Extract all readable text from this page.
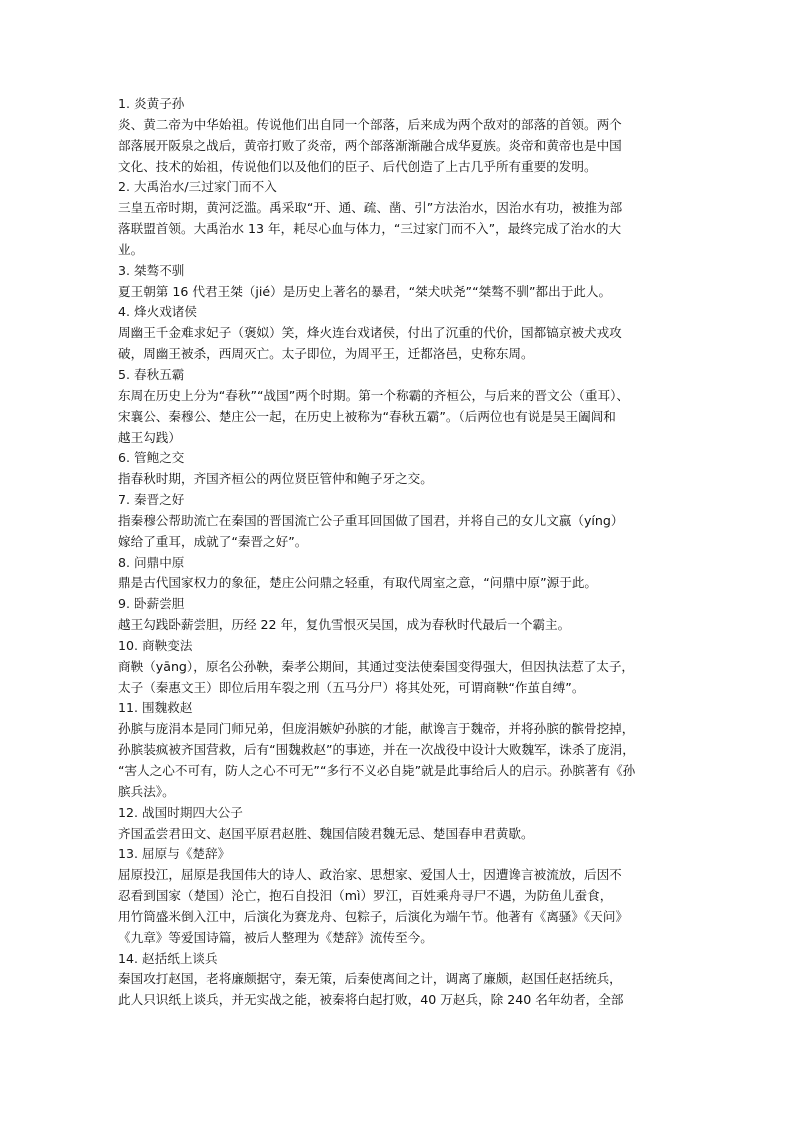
1. 炎黄子孙
炎、黄二帝为中华始祖。传说他们出自同一个部落，后来成为两个敌对的部落的首领。两个
部落展开阪泉之战后，黄帝打败了炎帝，两个部落渐渐融合成华夏族。炎帝和黄帝也是中国
文化、技术的始祖，传说他们以及他们的臣子、后代创造了上古几乎所有重要的发明。
2. 大禹治水/三过家门而不入
三皇五帝时期，黄河泛滥。禹采取“开、通、疏、凿、引”方法治水，因治水有功，被推为部
落联盟首领。大禹治水 13 年，耗尽心血与体力，“三过家门而不入”，最终完成了治水的大
业。
3. 桀骜不驯
夏王朝第 16 代君王桀（jié）是历史上著名的暴君，“桀犬吠尧”“桀骜不驯”都出于此人。
4. 烽火戏诸侯
周幽王千金难求妃子（褒姒）笑，烽火连台戏诸侯，付出了沉重的代价，国都镐京被犬戎攻
破，周幽王被杀，西周灭亡。太子即位，为周平王，迁都洛邑，史称东周。
5. 春秋五霸
东周在历史上分为“春秋”“战国”两个时期。第一个称霸的齐桓公，与后来的晋文公（重耳）、
宋襄公、秦穆公、楚庄公一起，在历史上被称为“春秋五霸”。（后两位也有说是吴王阖闾和
越王勾践）
6. 管鲍之交
指春秋时期，齐国齐桓公的两位贤臣管仲和鲍子牙之交。
7. 秦晋之好
指秦穆公帮助流亡在秦国的晋国流亡公子重耳回国做了国君，并将自己的女儿文嬴（yíng）
嫁给了重耳，成就了“秦晋之好”。
8. 问鼎中原
鼎是古代国家权力的象征，楚庄公问鼎之轻重，有取代周室之意，“问鼎中原”源于此。
9. 卧薪尝胆
越王勾践卧薪尝胆，历经 22 年，复仇雪恨灭吴国，成为春秋时代最后一个霸主。
10. 商鞅变法
商鞅（yāng），原名公孙鞅，秦孝公期间，其通过变法使秦国变得强大，但因执法惹了太子，
太子（秦惠文王）即位后用车裂之刑（五马分尸）将其处死，可谓商鞅“作茧自缚”。
11. 围魏救赵
孙膑与庞涓本是同门师兄弟，但庞涓嫉妒孙膑的才能，献谗言于魏帝，并将孙膑的髌骨挖掉，
孙膑装疯被齐国营救，后有“围魏救赵”的事迹，并在一次战役中设计大败魏军，诛杀了庞涓，
“害人之心不可有，防人之心不可无”“多行不义必自毙”就是此事给后人的启示。孙膑著有《孙
膑兵法》。
12. 战国时期四大公子
齐国孟尝君田文、赵国平原君赵胜、魏国信陵君魏无忌、楚国春申君黄歇。
13. 屈原与《楚辞》
屈原投江，屈原是我国伟大的诗人、政治家、思想家、爱国人士，因遭谗言被流放，后因不
忍看到国家（楚国）沦亡，抱石自投汨（mì）罗江，百姓乘舟寻尸不遇，为防鱼儿蚕食，
用竹筒盛米倒入江中，后演化为赛龙舟、包粽子，后演化为端午节。他著有《离骚》《天问》
《九章》等爱国诗篇，被后人整理为《楚辞》流传至今。
14. 赵括纸上谈兵
秦国攻打赵国，老将廉颇据守，秦无策，后秦使离间之计，调离了廉颇，赵国任赵括统兵，
此人只识纸上谈兵，并无实战之能，被秦将白起打败，40 万赵兵，除 240 名年幼者，全部
